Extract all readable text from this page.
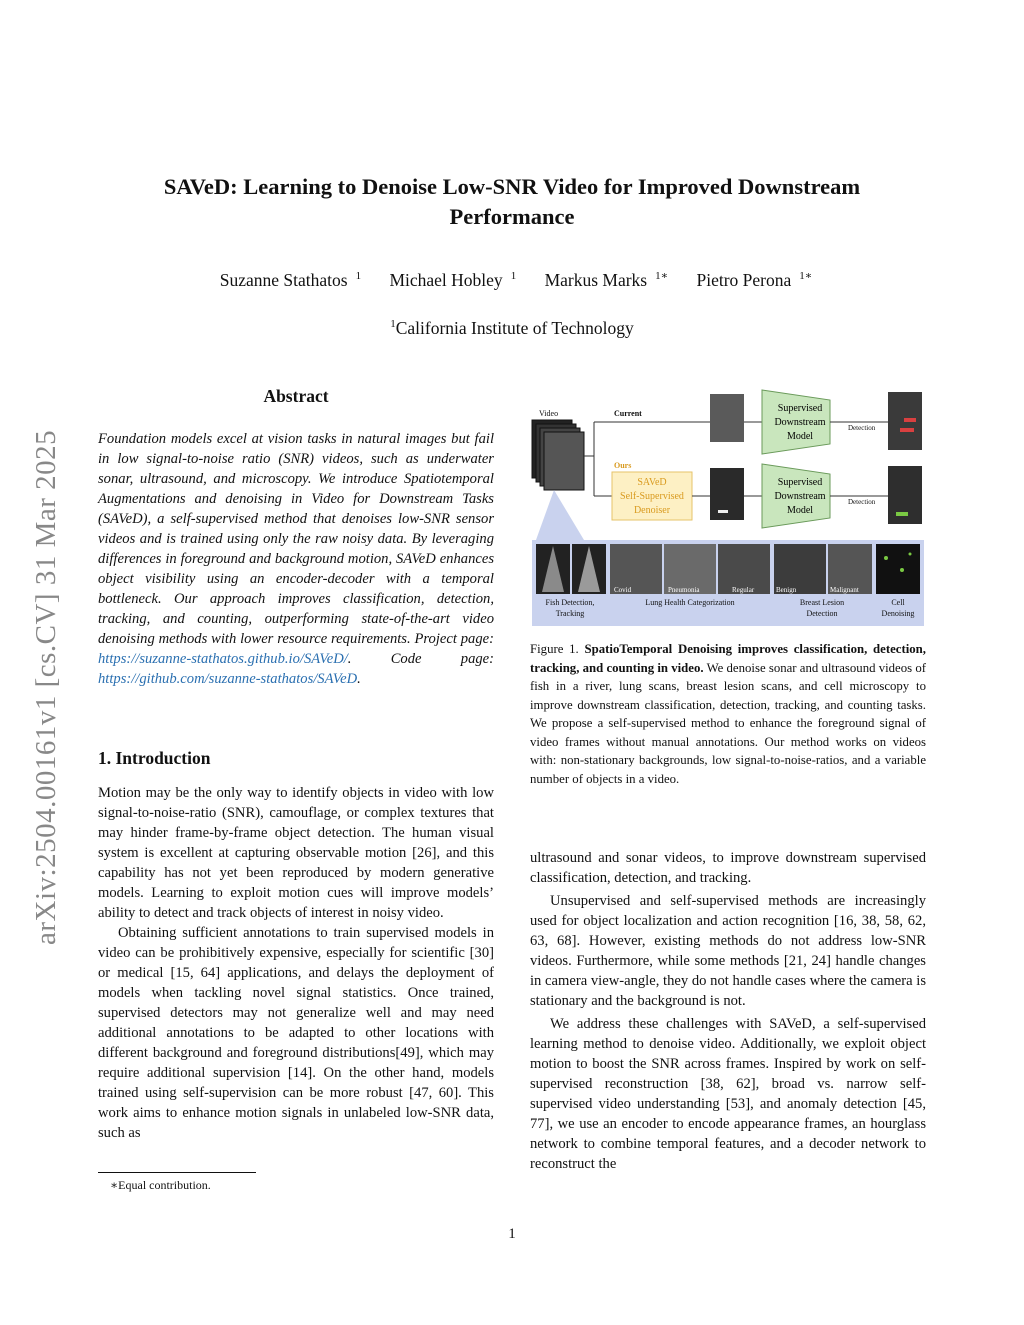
arXiv:2504.00161v1 [cs.CV] 31 Mar 2025
SAVeD: Learning to Denoise Low-SNR Video for Improved Downstream
Performance
Suzanne Stathatos $^1$ Michael Hobley $^1$ Markus Marks $^{1∗}$ Pietro Perona $^{1∗}$
$^1$California Institute of Technology
Abstract
Foundation models excel at vision tasks in natural images but fail in low signal-to-noise ratio (SNR) videos, such as underwater sonar, ultrasound, and microscopy. We introduce Spatiotemporal Augmentations and denoising in Video for Downstream Tasks (SAVeD), a self-supervised method that denoises low-SNR sensor videos and is trained using only the raw noisy data. By leveraging differences in foreground and background motion, SAVeD enhances object visibility using an encoder-decoder with a temporal bottleneck. Our approach improves classification, detection, tracking, and counting, outperforming state-of-the-art video denoising methods with lower resource requirements. Project page: https://suzanne-stathatos.github.io/SAVeD/. Code page: https://github.com/suzanne-stathatos/SAVeD.
1. Introduction

Motion may be the only way to identify objects in video with low signal-to-noise-ratio (SNR), camouflage, or complex textures that may hinder frame-by-frame object detection. The human visual system is excellent at capturing observable motion [26], and this capability has not yet been reproduced by modern generative models. Learning to exploit motion cues will improve models’ ability to detect and track objects of interest in noisy video.

Obtaining sufficient annotations to train supervised models in video can be prohibitively expensive, especially for scientific [30] or medical [15, 64] applications, and delays the deployment of models when tackling novel signal statistics. Once trained, supervised detectors may not generalize well and may need additional annotations to be adapted to other locations with different background and foreground distributions[49], which may require additional supervision [14]. On the other hand, models trained using self-supervision can be more robust [47, 60]. This work aims to enhance motion signals in unlabeled low-SNR data, such as

∗Equal contribution.
Video	Current	Supervised
Downstream
Model
Detection
Ours
SAVeD
Self-Supervised
Denoiser
Supervised
Downstream
Model
Detection
Covid	Pneumonia	Regular	Benign	Malignant
Fish Detection,
Tracking
Lung Health Categorization	Breast Lesion
Detection
Cell
Denoising
Figure 1. SpatioTemporal Denoising improves classification, detection, tracking, and counting in video. We denoise sonar and ultrasound videos of fish in a river, lung scans, breast lesion scans, and cell microscopy to improve downstream classification, detection, tracking, and counting tasks. We propose a self-supervised method to enhance the foreground signal of video frames without manual annotations. Our method works on videos with: non-stationary backgrounds, low signal-to-noise-ratios, and a variable number of objects in a video.

ultrasound and sonar videos, to improve downstream supervised classification, detection, and tracking.

Unsupervised and self-supervised methods are increasingly used for object localization and action recognition [16, 38, 58, 62, 63, 68]. However, existing methods do not address low-SNR videos. Furthermore, while some methods [21, 24] handle changes in camera view-angle, they do not handle cases where the camera is stationary and the background is not.

We address these challenges with SAVeD, a self-supervised learning method to denoise video. Additionally, we exploit object motion to boost the SNR across frames. Inspired by work on self-supervised reconstruction [38, 62], broad vs. narrow self-supervised video understanding [53], and anomaly detection [45, 77], we use an encoder to encode appearance frames, an hourglass network to combine temporal features, and a decoder network to reconstruct the

1
